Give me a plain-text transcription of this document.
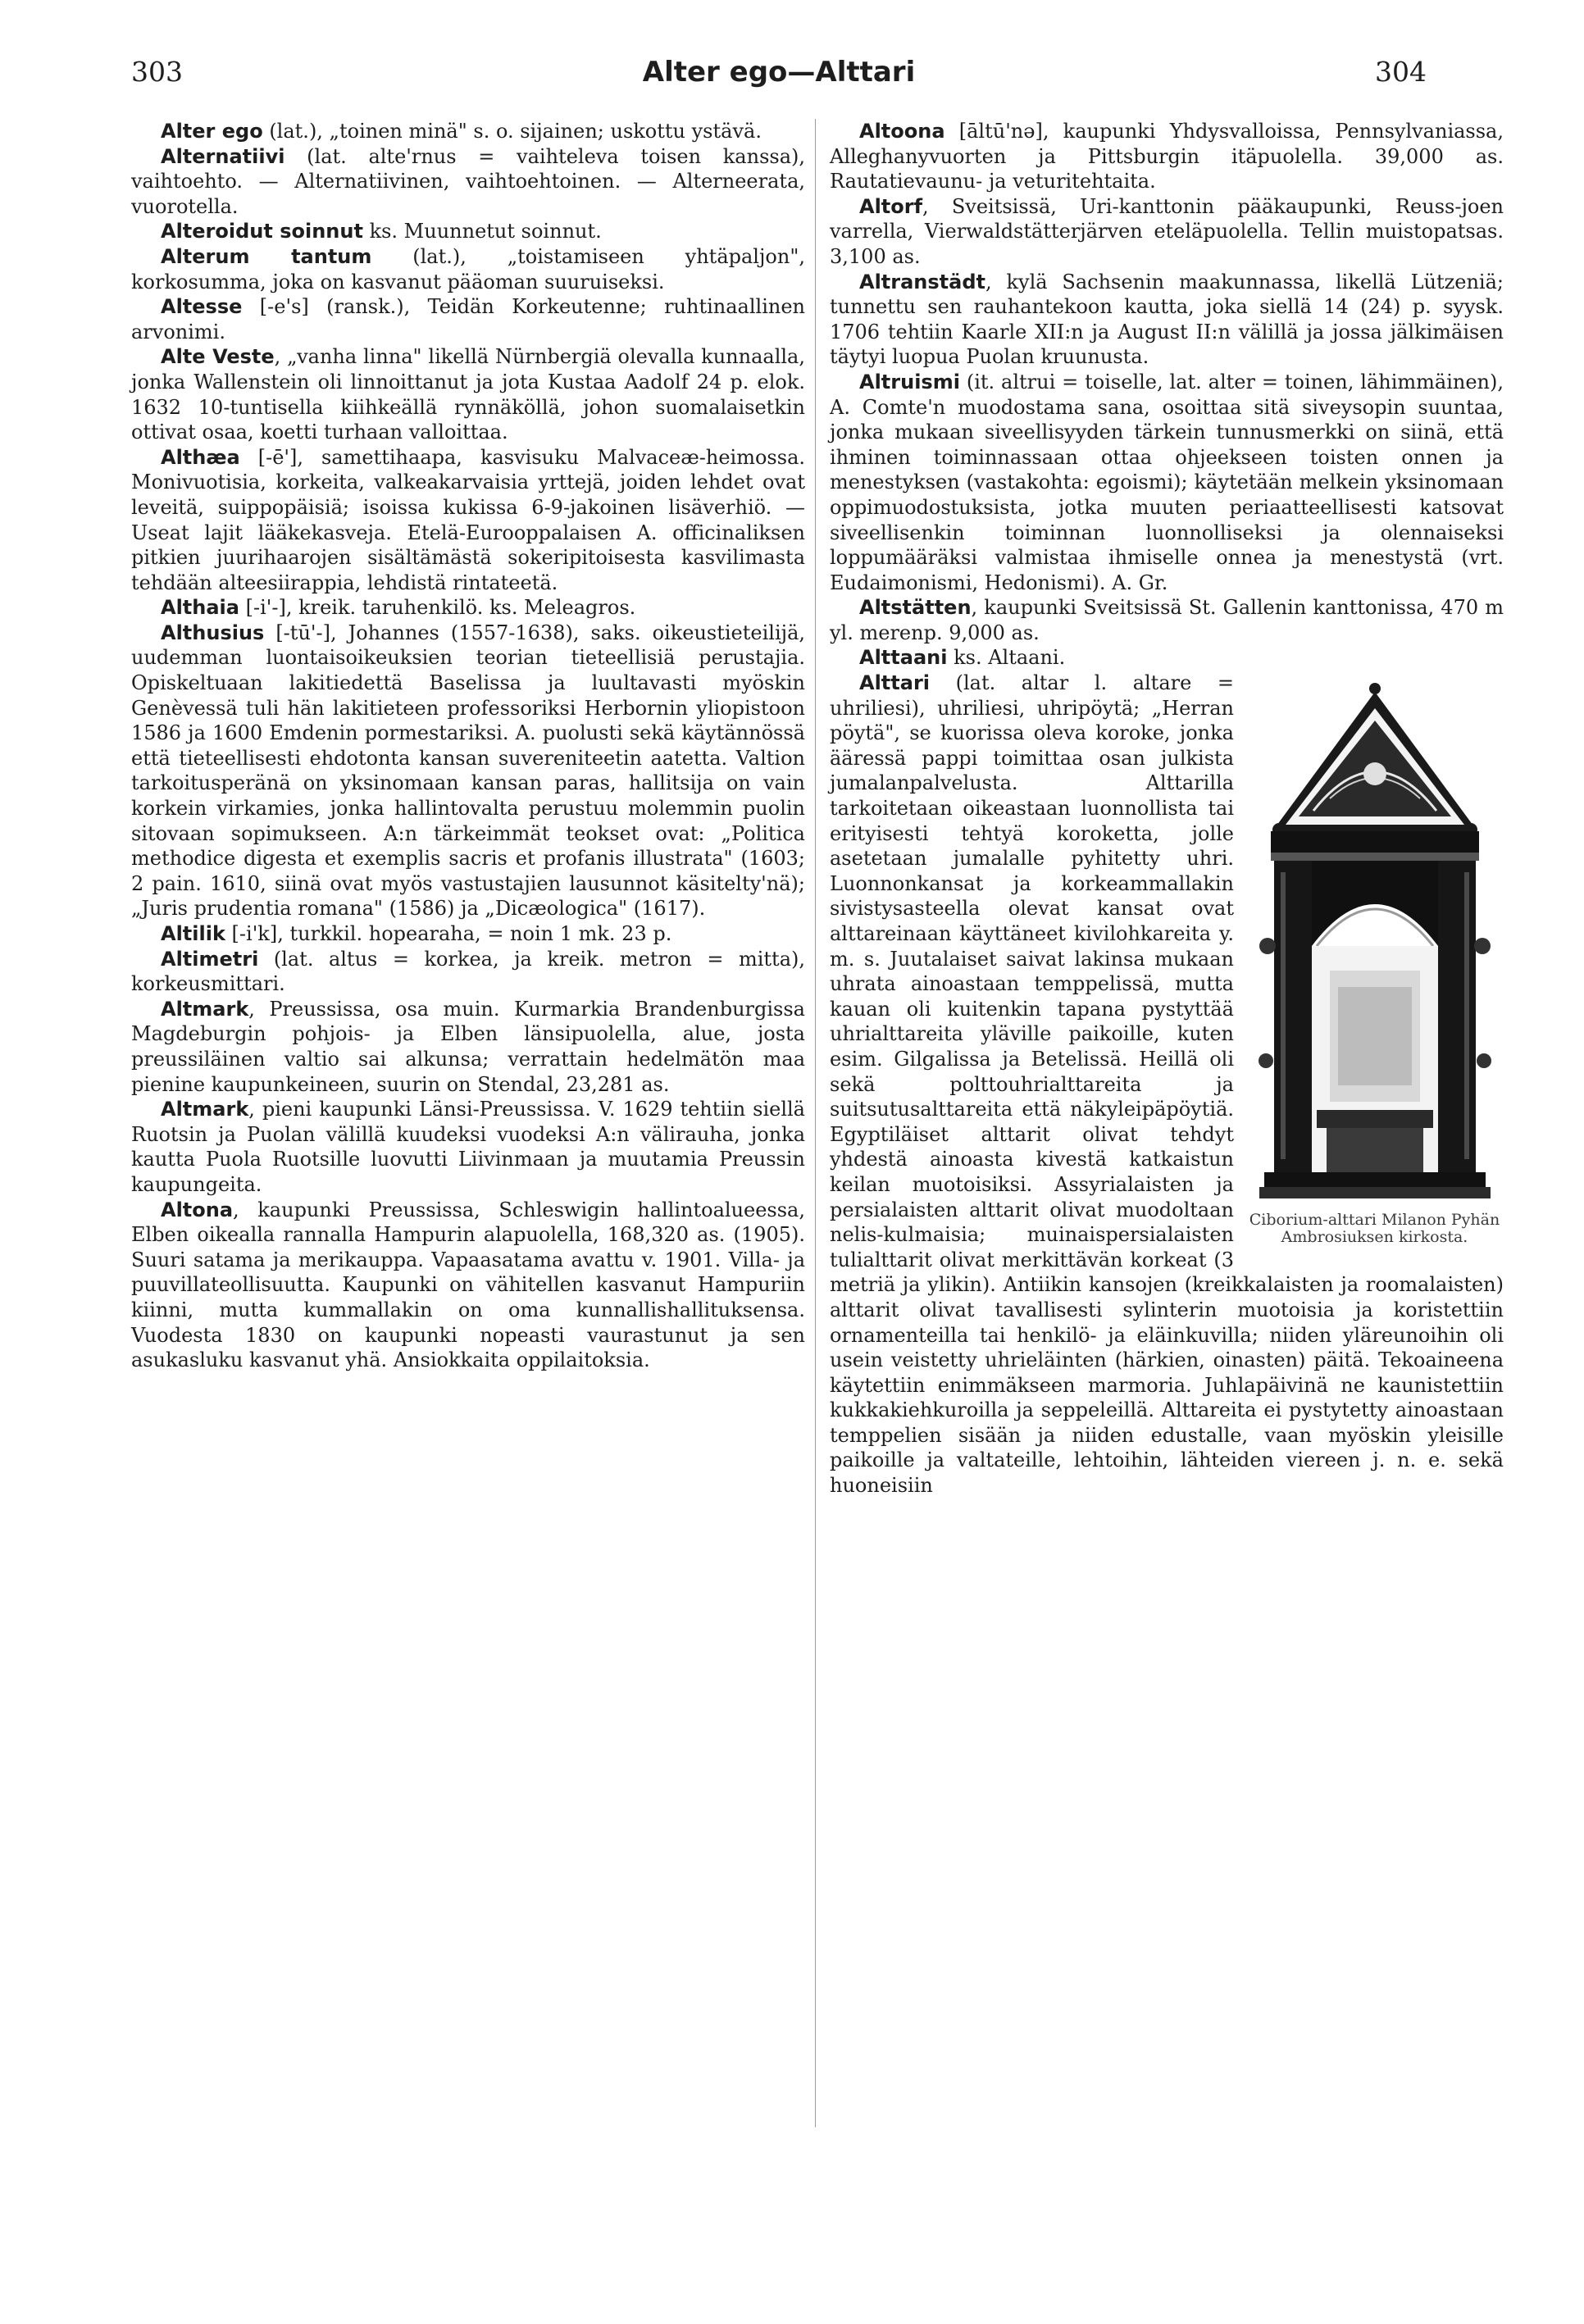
303	Alter ego—Alttari	304

Alter ego (lat.), „toinen minä" s. o. sijainen; uskottu ystävä.

Alternatiivi (lat. alte'rnus = vaihteleva toisen kanssa), vaihtoehto. — Alternatiivinen, vaihtoehtoinen. — Alterneerata, vuorotella.

Alteroidut soinnut ks. Muunnetut soinnut.

Alterum tantum (lat.), „toistamiseen yhtäpaljon", korkosumma, joka on kasvanut pääoman suuruiseksi.

Altesse [-e's] (ransk.), Teidän Korkeutenne; ruhtinaallinen arvonimi.

Alte Veste, „vanha linna" likellä Nürnbergiä olevalla kunnaalla, jonka Wallenstein oli linnoittanut ja jota Kustaa Aadolf 24 p. elok. 1632 10-tuntisella kiihkeällä rynnäköllä, johon suomalaisetkin ottivat osaa, koetti turhaan valloittaa.

Althæa [-ē'], samettihaapa, kasvisuku Malvaceæ-heimossa. Monivuotisia, korkeita, valkeakarvaisia yrttejä, joiden lehdet ovat leveitä, suippopäisiä; isoissa kukissa 6-9-jakoinen lisäverhiö. — Useat lajit lääkekasveja. Etelä-Eurooppalaisen A. officinaliksen pitkien juurihaarojen sisältämästä sokeripitoisesta kasvilimasta tehdään alteesiirappia, lehdistä rintateetä.

Althaia [-i'-], kreik. taruhenkilö. ks. Meleagros.

Althusius [-tū'-], Johannes (1557-1638), saks. oikeustieteilijä, uudemman luontaisoikeuksien teorian tieteellisiä perustajia. Opiskeltuaan lakitiedettä Baselissa ja luultavasti myöskin Genèvessä tuli hän lakitieteen professoriksi Herbornin yliopistoon 1586 ja 1600 Emdenin pormestariksi. A. puolusti sekä käytännössä että tieteellisesti ehdotonta kansan suvereniteetin aatetta. Valtion tarkoitusperänä on yksinomaan kansan paras, hallitsija on vain korkein virkamies, jonka hallintovalta perustuu molemmin puolin sitovaan sopimukseen. A:n tärkeimmät teokset ovat: „Politica methodice digesta et exemplis sacris et profanis illustrata" (1603; 2 pain. 1610, siinä ovat myös vastustajien lausunnot käsitelty'nä); „Juris prudentia romana" (1586) ja „Dicæologica" (1617).

Altilik [-i'k], turkkil. hopearaha, = noin 1 mk. 23 p.

Altimetri (lat. altus = korkea, ja kreik. metron = mitta), korkeusmittari.

Altmark, Preussissa, osa muin. Kurmarkia Brandenburgissa Magdeburgin pohjois- ja Elben länsipuolella, alue, josta preussiläinen valtio sai alkunsa; verrattain hedelmätön maa pienine kaupunkeineen, suurin on Stendal, 23,281 as.

Altmark, pieni kaupunki Länsi-Preussissa. V. 1629 tehtiin siellä Ruotsin ja Puolan välillä kuudeksi vuodeksi A:n välirauha, jonka kautta Puola Ruotsille luovutti Liivinmaan ja muutamia Preussin kaupungeita.

Altona, kaupunki Preussissa, Schleswigin hallintoalueessa, Elben oikealla rannalla Hampurin alapuolella, 168,320 as. (1905). Suuri satama ja merikauppa. Vapaasatama avattu v. 1901. Villa- ja puuvillateollisuutta. Kaupunki on vähitellen kasvanut Hampuriin kiinni, mutta kummallakin on oma kunnallishallituksensa. Vuodesta 1830 on kaupunki nopeasti vaurastunut ja sen asukasluku kasvanut yhä. Ansiokkaita oppilaitoksia.

Altoona [āltū'nə], kaupunki Yhdysvalloissa, Pennsylvaniassa, Alleghanyvuorten ja Pittsburgin itäpuolella. 39,000 as. Rautatievaunu- ja veturitehtaita.

Altorf, Sveitsissä, Uri-kanttonin pääkaupunki, Reuss-joen varrella, Vierwaldstätterjärven eteläpuolella. Tellin muistopatsas. 3,100 as.

Altranstädt, kylä Sachsenin maakunnassa, likellä Lützeniä; tunnettu sen rauhantekoon kautta, joka siellä 14 (24) p. syysk. 1706 tehtiin Kaarle XII:n ja August II:n välillä ja jossa jälkimäisen täytyi luopua Puolan kruunusta.

Altruismi (it. altrui = toiselle, lat. alter = toinen, lähimmäinen), A. Comte'n muodostama sana, osoittaa sitä siveysopin suuntaa, jonka mukaan siveellisyyden tärkein tunnusmerkki on siinä, että ihminen toiminnassaan ottaa ohjeekseen toisten onnen ja menestyksen (vastakohta: egoismi); käytetään melkein yksinomaan oppimuodostuksista, jotka muuten periaatteellisesti katsovat siveellisenkin toiminnan luonnolliseksi ja olennaiseksi loppumääräksi valmistaa ihmiselle onnea ja menestystä (vrt. Eudaimonismi, Hedonismi). A. Gr.

Altstätten, kaupunki Sveitsissä St. Gallenin kanttonissa, 470 m yl. merenp. 9,000 as.

Alttaani ks. Altaani.

Ciborium-alttari Milanon Pyhän Ambrosiuksen kirkosta.

Alttari (lat. altar l. altare = uhriliesi), uhriliesi, uhripöytä; „Herran pöytä", se kuorissa oleva koroke, jonka ääressä pappi toimittaa osan julkista jumalanpalvelusta. Alttarilla tarkoitetaan oikeastaan luonnollista tai erityisesti tehtyä koroketta, jolle asetetaan jumalalle pyhitetty uhri. Luonnonkansat ja korkeammallakin sivistysasteella olevat kansat ovat alttareinaan käyttäneet kivilohkareita y. m. s. Juutalaiset saivat lakinsa mukaan uhrata ainoastaan temppelissä, mutta kauan oli kuitenkin tapana pystyttää uhrialttareita yläville paikoille, kuten esim. Gilgalissa ja Betelissä. Heillä oli sekä polttouhrialttareita ja suitsutusalttareita että näkyleipäpöytiä. Egyptiläiset alttarit olivat tehdyt yhdestä ainoasta kivestä katkaistun keilan muotoisiksi. Assyrialaisten ja persialaisten alttarit olivat muodoltaan nelis-kulmaisia; muinaispersialaisten tulialttarit olivat merkittävän korkeat (3 metriä ja ylikin). Antiikin kansojen (kreikkalaisten ja roomalaisten) alttarit olivat tavallisesti sylinterin muotoisia ja koristettiin ornamenteilla tai henkilö- ja eläinkuvilla; niiden yläreunoihin oli usein veistetty uhrieläinten (härkien, oinasten) päitä. Tekoaineena käytettiin enimmäkseen marmoria. Juhlapäivinä ne kaunistettiin kukkakiehkuroilla ja seppeleillä. Alttareita ei pystytetty ainoastaan temppelien sisään ja niiden edustalle, vaan myöskin yleisille paikoille ja valtateille, lehtoihin, lähteiden viereen j. n. e. sekä huoneisiin
